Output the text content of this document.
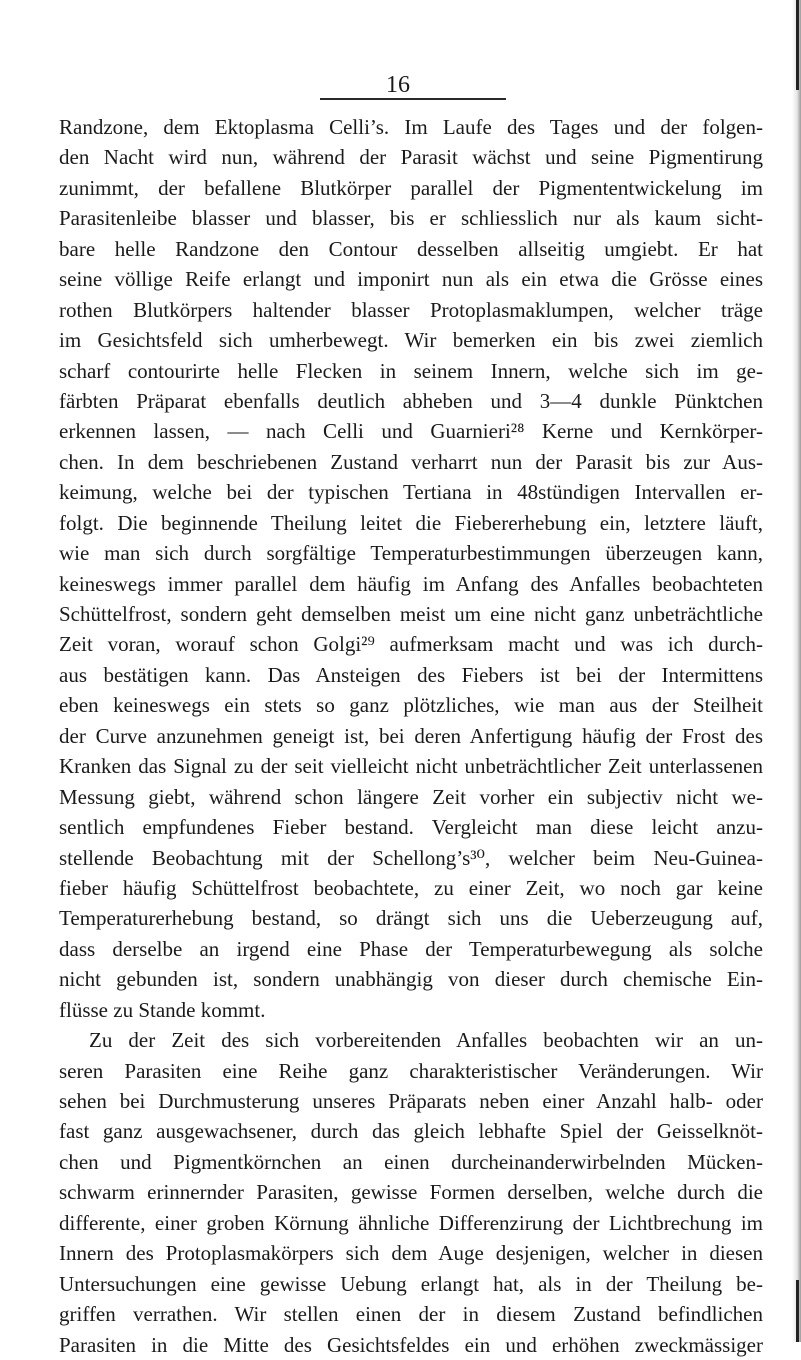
16
Randzone, dem Ektoplasma Celli’s. Im Laufe des Tages und der folgen-
den Nacht wird nun, während der Parasit wächst und seine Pigmentirung
zunimmt, der befallene Blutkörper parallel der Pigmententwickelung im
Parasitenleibe blasser und blasser, bis er schliesslich nur als kaum sicht-
bare helle Randzone den Contour desselben allseitig umgiebt. Er hat
seine völlige Reife erlangt und imponirt nun als ein etwa die Grösse eines
rothen Blutkörpers haltender blasser Protoplasmaklumpen, welcher träge
im Gesichtsfeld sich umherbewegt. Wir bemerken ein bis zwei ziemlich
scharf contourirte helle Flecken in seinem Innern, welche sich im ge-
färbten Präparat ebenfalls deutlich abheben und 3—4 dunkle Pünktchen
erkennen lassen, — nach Celli und Guarnieri²⁸ Kerne und Kernkörper-
chen. In dem beschriebenen Zustand verharrt nun der Parasit bis zur Aus-
keimung, welche bei der typischen Tertiana in 48stündigen Intervallen er-
folgt. Die beginnende Theilung leitet die Fiebererhebung ein, letztere läuft,
wie man sich durch sorgfältige Temperaturbestimmungen überzeugen kann,
keineswegs immer parallel dem häufig im Anfang des Anfalles beobachteten
Schüttelfrost, sondern geht demselben meist um eine nicht ganz unbeträchtliche
Zeit voran, worauf schon Golgi²⁹ aufmerksam macht und was ich durch-
aus bestätigen kann. Das Ansteigen des Fiebers ist bei der Intermittens
eben keineswegs ein stets so ganz plötzliches, wie man aus der Steilheit
der Curve anzunehmen geneigt ist, bei deren Anfertigung häufig der Frost des
Kranken das Signal zu der seit vielleicht nicht unbeträchtlicher Zeit unterlassenen
Messung giebt, während schon längere Zeit vorher ein subjectiv nicht we-
sentlich empfundenes Fieber bestand. Vergleicht man diese leicht anzu-
stellende Beobachtung mit der Schellong’s³⁰, welcher beim Neu-Guinea-
fieber häufig Schüttelfrost beobachtete, zu einer Zeit, wo noch gar keine
Temperaturerhebung bestand, so drängt sich uns die Ueberzeugung auf,
dass derselbe an irgend eine Phase der Temperaturbewegung als solche
nicht gebunden ist, sondern unabhängig von dieser durch chemische Ein-
flüsse zu Stande kommt.
Zu der Zeit des sich vorbereitenden Anfalles beobachten wir an un-
seren Parasiten eine Reihe ganz charakteristischer Veränderungen. Wir
sehen bei Durchmusterung unseres Präparats neben einer Anzahl halb- oder
fast ganz ausgewachsener, durch das gleich lebhafte Spiel der Geisselknöt-
chen und Pigmentkörnchen an einen durcheinanderwirbelnden Mücken-
schwarm erinnernder Parasiten, gewisse Formen derselben, welche durch die
differente, einer groben Körnung ähnliche Differenzirung der Lichtbrechung im
Innern des Protoplasmakörpers sich dem Auge desjenigen, welcher in diesen
Untersuchungen eine gewisse Uebung erlangt hat, als in der Theilung be-
griffen verrathen. Wir stellen einen der in diesem Zustand befindlichen
Parasiten in die Mitte des Gesichtsfeldes ein und erhöhen zweckmässiger
